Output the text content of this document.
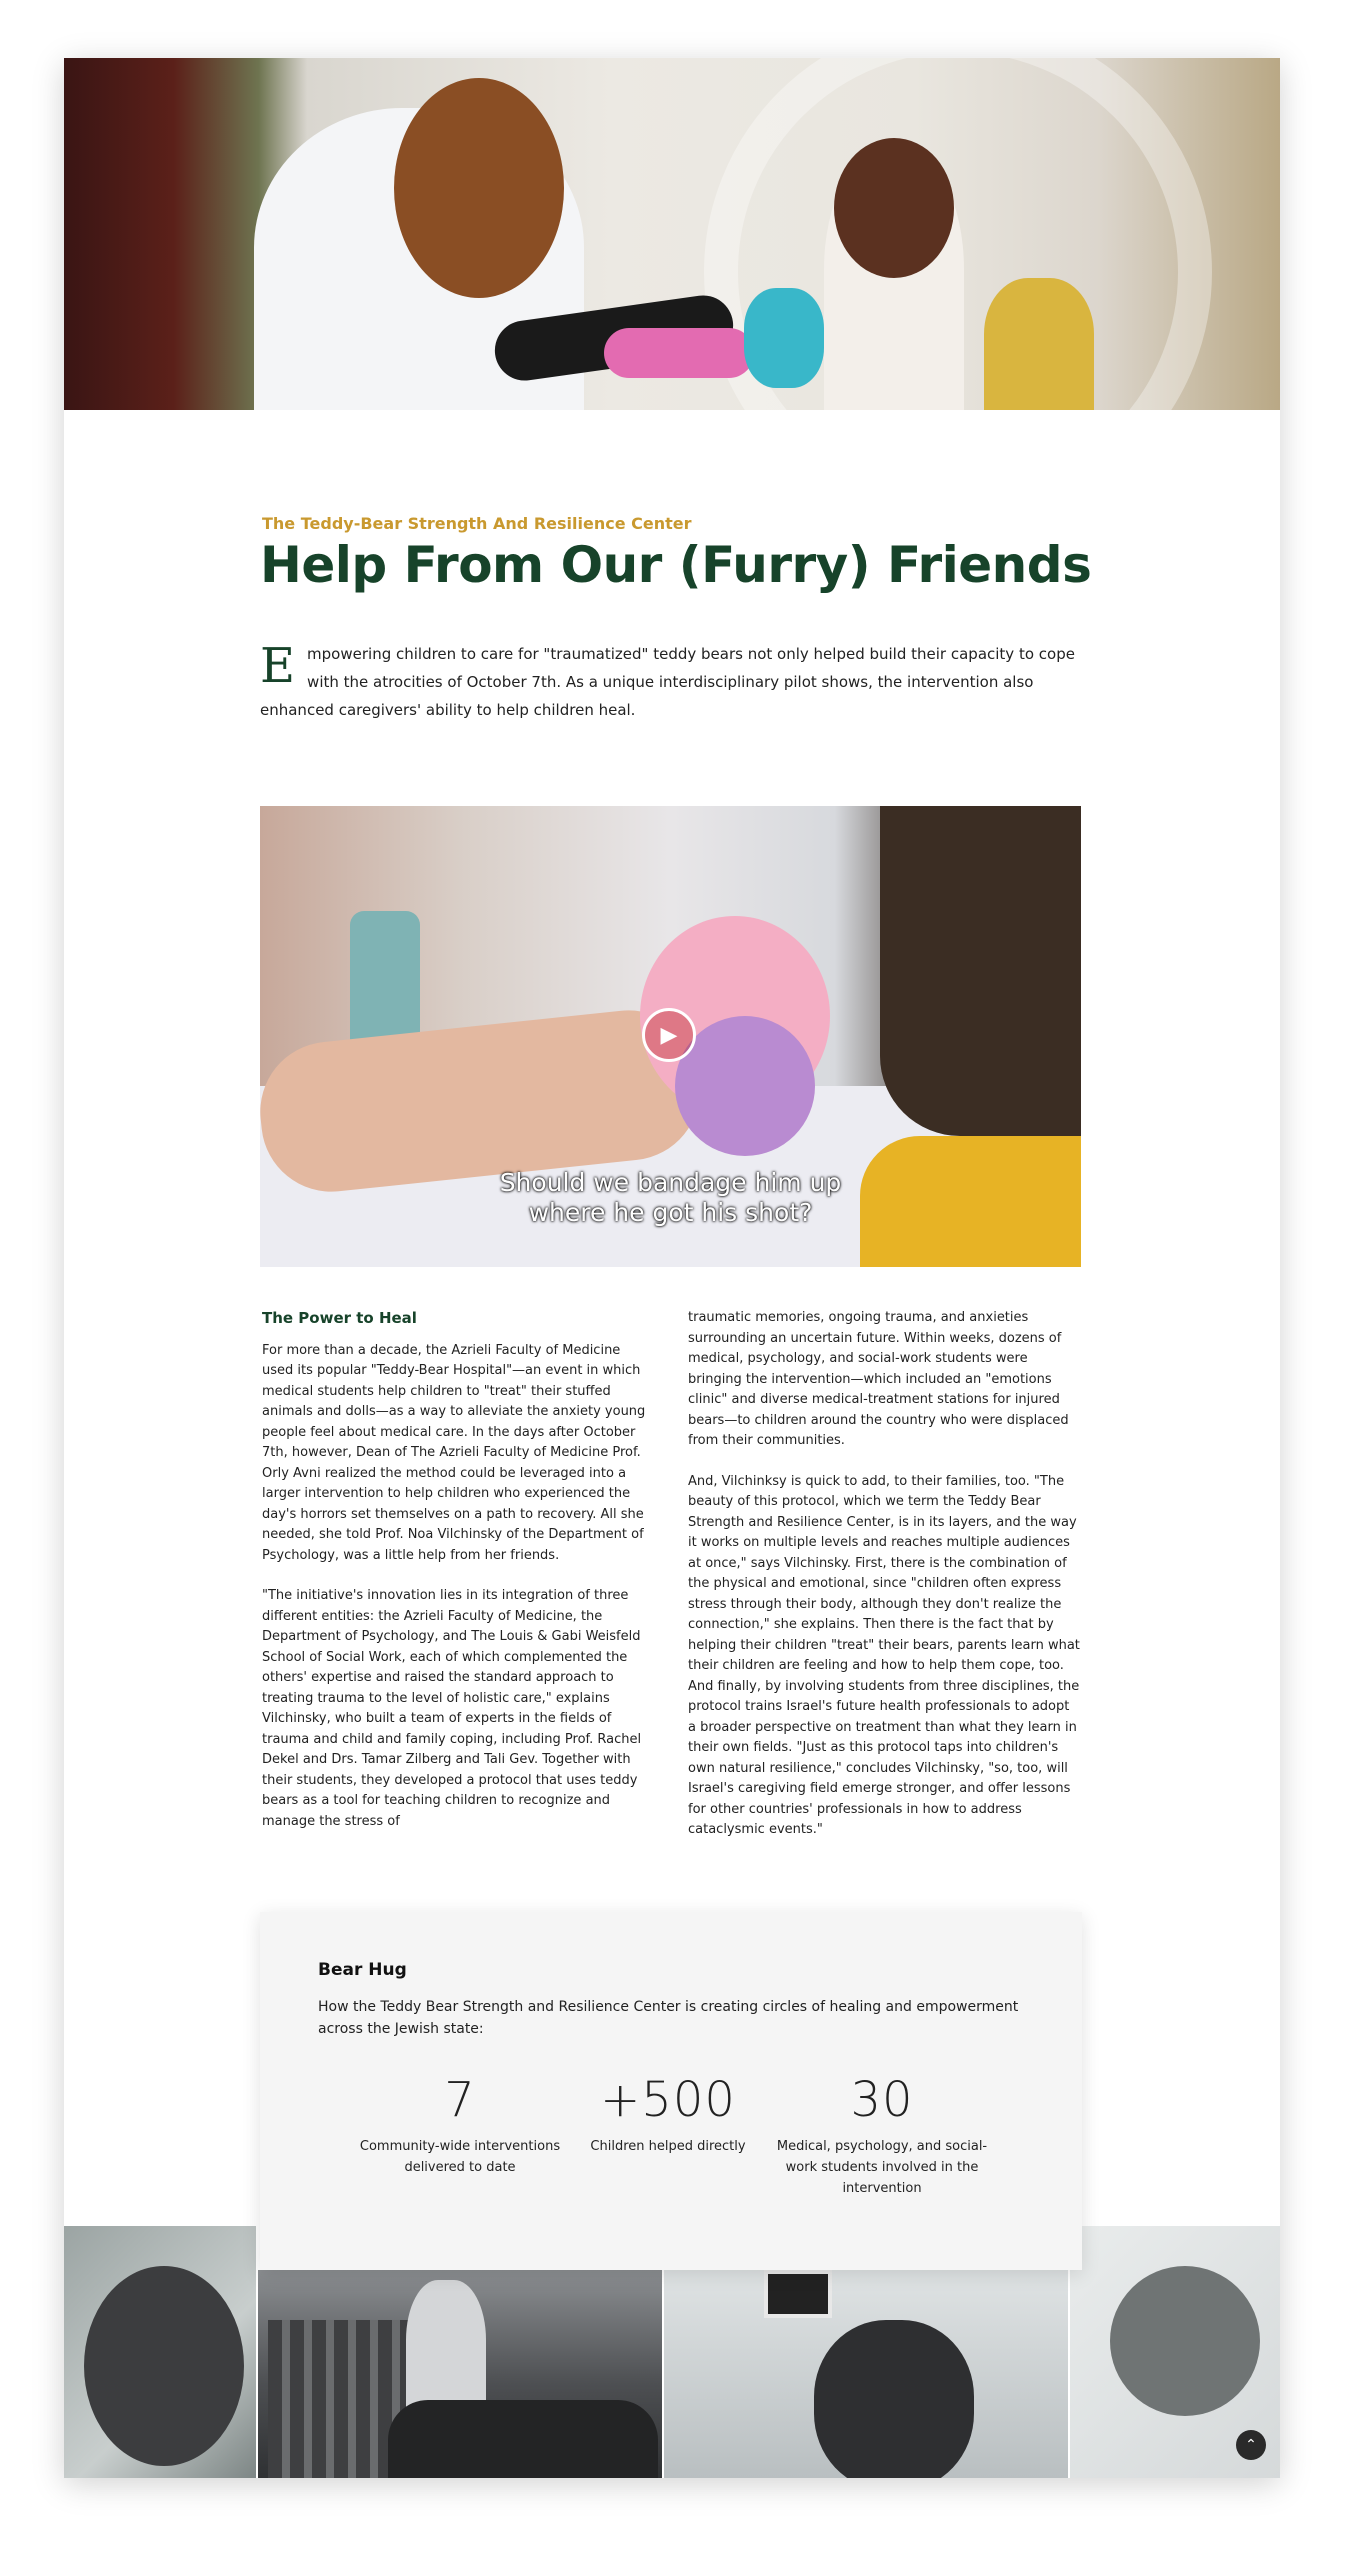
The Teddy-Bear Strength And Resilience Center
Help From Our (Furry) Friends
Empowering children to care for "traumatized" teddy bears not only helped build their capacity to cope with the atrocities of October 7th. As a unique interdisciplinary pilot shows, the intervention also enhanced caregivers' ability to help children heal.
▶
Should we bandage him up
where he got his shot?
The Power to Heal

For more than a decade, the Azrieli Faculty of Medicine used its popular "Teddy-Bear Hospital"—an event in which medical students help children to "treat" their stuffed animals and dolls—as a way to alleviate the anxiety young people feel about medical care. In the days after October 7th, however, Dean of The Azrieli Faculty of Medicine Prof. Orly Avni realized the method could be leveraged into a larger intervention to help children who experienced the day's horrors set themselves on a path to recovery. All she needed, she told Prof. Noa Vilchinsky of the Department of Psychology, was a little help from her friends.

"The initiative's innovation lies in its integration of three different entities: the Azrieli Faculty of Medicine, the Department of Psychology, and The Louis & Gabi Weisfeld School of Social Work, each of which complemented the others' expertise and raised the standard approach to treating trauma to the level of holistic care," explains Vilchinsky, who built a team of experts in the fields of trauma and child and family coping, including Prof. Rachel Dekel and Drs. Tamar Zilberg and Tali Gev. Together with their students, they developed a protocol that uses teddy bears as a tool for teaching children to recognize and manage the stress of

traumatic memories, ongoing trauma, and anxieties surrounding an uncertain future. Within weeks, dozens of medical, psychology, and social-work students were bringing the intervention—which included an "emotions clinic" and diverse medical-treatment stations for injured bears—to children around the country who were displaced from their communities.

And, Vilchinksy is quick to add, to their families, too. "The beauty of this protocol, which we term the Teddy Bear Strength and Resilience Center, is in its layers, and the way it works on multiple levels and reaches multiple audiences at once," says Vilchinsky. First, there is the combination of the physical and emotional, since "children often express stress through their body, although they don't realize the connection," she explains. Then there is the fact that by helping their children "treat" their bears, parents learn what their children are feeling and how to help them cope, too. And finally, by involving students from three disciplines, the protocol trains Israel's future health professionals to adopt a broader perspective on treatment than what they learn in their own fields. "Just as this protocol taps into children's own natural resilience," concludes Vilchinsky, "so, too, will Israel's caregiving field emerge stronger, and offer lessons for other countries' professionals in how to address cataclysmic events."

Bear Hug
How the Teddy Bear Strength and Resilience Center is creating circles of healing and empowerment across the Jewish state:
7
Community-wide interventions delivered to date
+500
Children helped directly
30
Medical, psychology, and social-work students involved in the intervention
⌃
